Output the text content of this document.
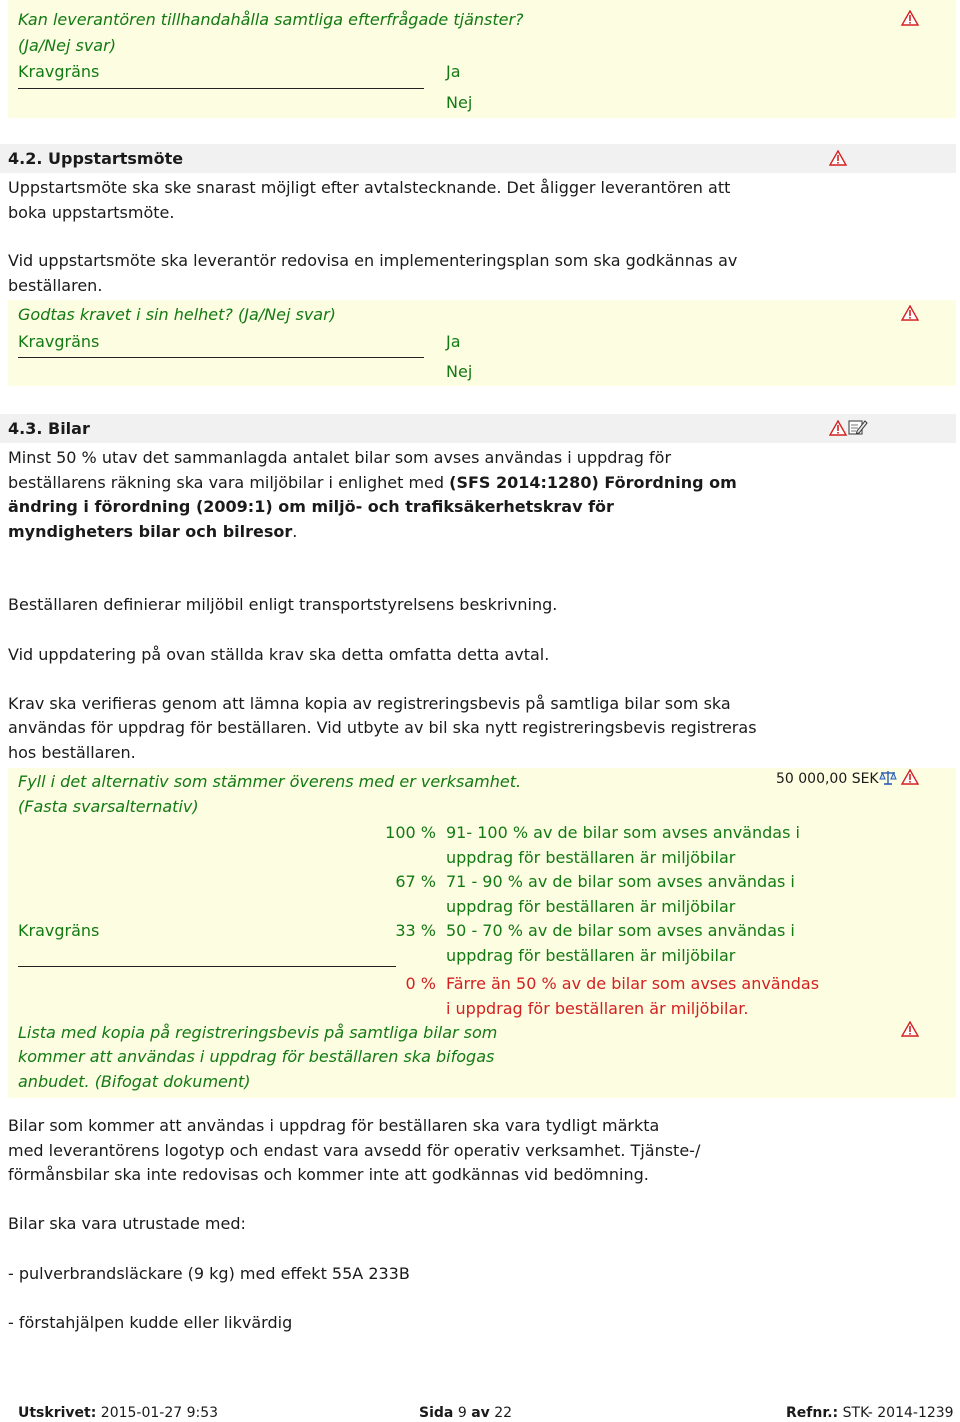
Kan leverantören tillhandahålla samtliga efterfrågade tjänster?
(Ja/Nej svar)
Kravgräns	Ja
Nej
4.2. Uppstartsmöte
Uppstartsmöte ska ske snarast möjligt efter avtalstecknande. Det åligger leverantören att
boka uppstartsmöte.
Vid uppstartsmöte ska leverantör redovisa en implementeringsplan som ska godkännas av
beställaren.
Godtas kravet i sin helhet? (Ja/Nej svar)
Kravgräns	Ja
Nej
4.3. Bilar
Minst 50 % utav det sammanlagda antalet bilar som avses användas i uppdrag för
beställarens räkning ska vara miljöbilar i enlighet med (SFS 2014:1280) Förordning om
ändring i förordning (2009:1) om miljö- och trafiksäkerhetskrav för
myndigheters bilar och bilresor.
Beställaren definierar miljöbil enligt transportstyrelsens beskrivning.
Vid uppdatering på ovan ställda krav ska detta omfatta detta avtal.
Krav ska verifieras genom att lämna kopia av registreringsbevis på samtliga bilar som ska
användas för uppdrag för beställaren. Vid utbyte av bil ska nytt registreringsbevis registreras
hos beställaren.
Fyll i det alternativ som stämmer överens med er verksamhet.
(Fasta svarsalternativ)
50 000,00 SEK
100 % 91- 100 % av de bilar som avses användas i
uppdrag för beställaren är miljöbilar
67 % 71 - 90 % av de bilar som avses användas i
uppdrag för beställaren är miljöbilar
Kravgräns	33 % 50 - 70 % av de bilar som avses användas i
uppdrag för beställaren är miljöbilar
0 % Färre än 50 % av de bilar som avses användas
i uppdrag för beställaren är miljöbilar.
Lista med kopia på registreringsbevis på samtliga bilar som
kommer att användas i uppdrag för beställaren ska bifogas
anbudet. (Bifogat dokument)
Bilar som kommer att användas i uppdrag för beställaren ska vara tydligt märkta
med leverantörens logotyp och endast vara avsedd för operativ verksamhet. Tjänste-/
förmånsbilar ska inte redovisas och kommer inte att godkännas vid bedömning.
Bilar ska vara utrustade med:
- pulverbrandsläckare (9 kg) med effekt 55A 233B
- förstahjälpen kudde eller likvärdig
Utskrivet: 2015-01-27 9:53	Sida 9 av 22	Refnr.: STK- 2014-1239
